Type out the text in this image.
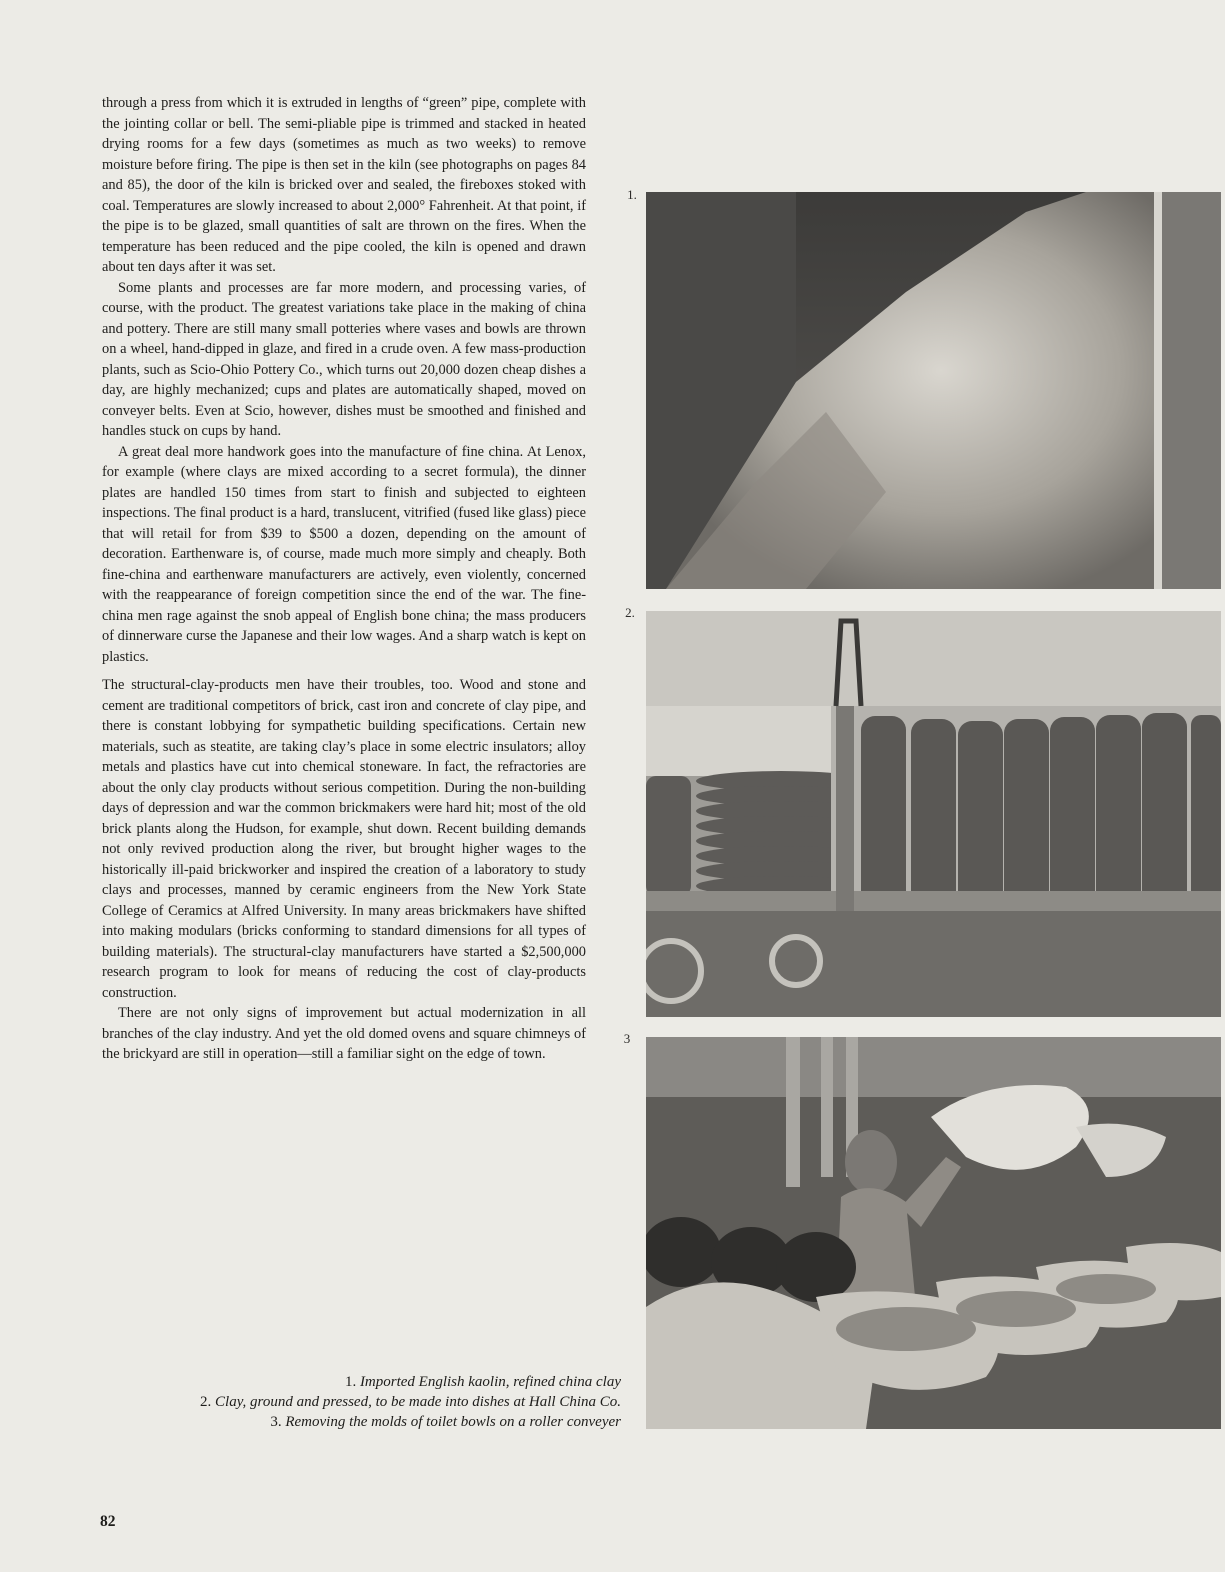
through a press from which it is extruded in lengths of “green” pipe, complete with the jointing collar or bell. The semi-pliable pipe is trimmed and stacked in heated drying rooms for a few days (sometimes as much as two weeks) to remove moisture before firing. The pipe is then set in the kiln (see photographs on pages 84 and 85), the door of the kiln is bricked over and sealed, the fireboxes stoked with coal. Temperatures are slowly increased to about 2,000° Fahrenheit. At that point, if the pipe is to be glazed, small quantities of salt are thrown on the fires. When the temperature has been reduced and the pipe cooled, the kiln is opened and drawn about ten days after it was set.

Some plants and processes are far more modern, and processing varies, of course, with the product. The greatest variations take place in the making of china and pottery. There are still many small potteries where vases and bowls are thrown on a wheel, hand-dipped in glaze, and fired in a crude oven. A few mass-production plants, such as Scio-Ohio Pottery Co., which turns out 20,000 dozen cheap dishes a day, are highly mechanized; cups and plates are automatically shaped, moved on conveyer belts. Even at Scio, however, dishes must be smoothed and finished and handles stuck on cups by hand.

A great deal more handwork goes into the manufacture of fine china. At Lenox, for example (where clays are mixed according to a secret formula), the dinner plates are handled 150 times from start to finish and subjected to eighteen inspections. The final product is a hard, translucent, vitrified (fused like glass) piece that will retail for from $39 to $500 a dozen, depending on the amount of decoration. Earthenware is, of course, made much more simply and cheaply. Both fine-china and earthenware manufacturers are actively, even violently, concerned with the reappearance of foreign competition since the end of the war. The fine-china men rage against the snob appeal of English bone china; the mass producers of dinnerware curse the Japanese and their low wages. And a sharp watch is kept on plastics.

The structural-clay-products men have their troubles, too. Wood and stone and cement are traditional competitors of brick, cast iron and concrete of clay pipe, and there is constant lobbying for sympathetic building specifications. Certain new materials, such as steatite, are taking clay’s place in some electric insulators; alloy metals and plastics have cut into chemical stoneware. In fact, the refractories are about the only clay products without serious competition. During the non-building days of depression and war the common brickmakers were hard hit; most of the old brick plants along the Hudson, for example, shut down. Recent building demands not only revived production along the river, but brought higher wages to the historically ill-paid brickworker and inspired the creation of a laboratory to study clays and processes, manned by ceramic engineers from the New York State College of Ceramics at Alfred University. In many areas brickmakers have shifted into making modulars (bricks conforming to standard dimensions for all types of building materials). The structural-clay manufacturers have started a $2,500,000 research program to look for means of reducing the cost of clay-products construction.

There are not only signs of improvement but actual modernization in all branches of the clay industry. And yet the old domed ovens and square chimneys of the brickyard are still in operation—still a familiar sight on the edge of town.

1.
2.
3
1. Imported English kaolin, refined china clay
2. Clay, ground and pressed, to be made into dishes at Hall China Co.
3. Removing the molds of toilet bowls on a roller conveyer
82
